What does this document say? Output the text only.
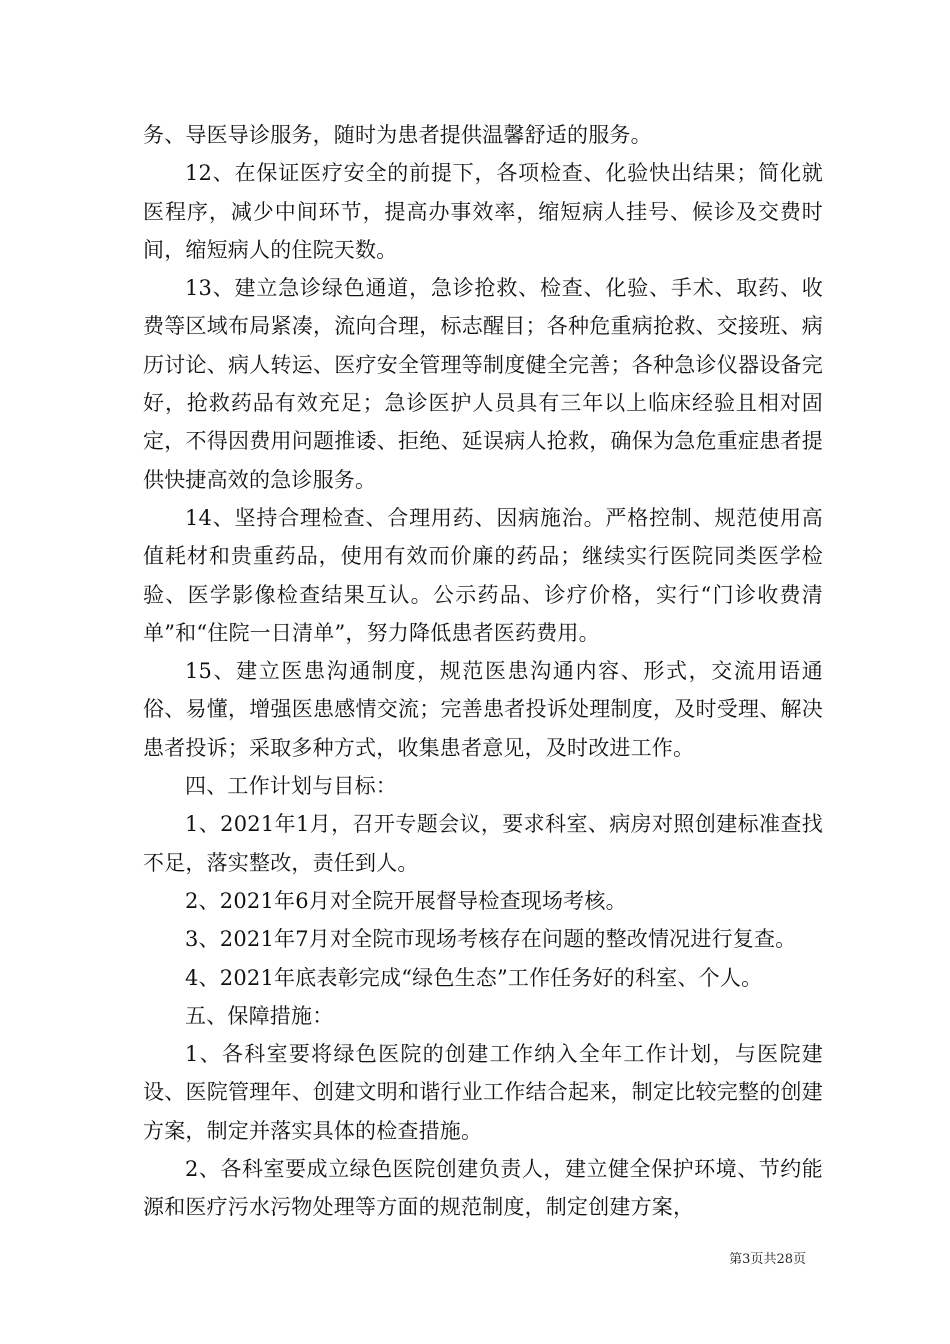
务、导医导诊服务，随时为患者提供温馨舒适的服务。

12、在保证医疗安全的前提下，各项检查、化验快出结果；简化就医程序，减少中间环节，提高办事效率，缩短病人挂号、候诊及交费时间，缩短病人的住院天数。

13、建立急诊绿色通道，急诊抢救、检查、化验、手术、取药、收费等区域布局紧凑，流向合理，标志醒目；各种危重病抢救、交接班、病历讨论、病人转运、医疗安全管理等制度健全完善；各种急诊仪器设备完好，抢救药品有效充足；急诊医护人员具有三年以上临床经验且相对固定，不得因费用问题推诿、拒绝、延误病人抢救，确保为急危重症患者提供快捷高效的急诊服务。

14、坚持合理检查、合理用药、因病施治。严格控制、规范使用高值耗材和贵重药品，使用有效而价廉的药品；继续实行医院同类医学检验、医学影像检查结果互认。公示药品、诊疗价格，实行“门诊收费清单”和“住院一日清单”，努力降低患者医药费用。

15、建立医患沟通制度，规范医患沟通内容、形式，交流用语通俗、易懂，增强医患感情交流；完善患者投诉处理制度，及时受理、解决患者投诉；采取多种方式，收集患者意见，及时改进工作。

四、工作计划与目标：

1、2021年1月，召开专题会议，要求科室、病房对照创建标准查找不足，落实整改，责任到人。

2、2021年6月对全院开展督导检查现场考核。

3、2021年7月对全院市现场考核存在问题的整改情况进行复查。

4、2021年底表彰完成“绿色生态”工作任务好的科室、个人。

五、保障措施：

1、各科室要将绿色医院的创建工作纳入全年工作计划，与医院建设、医院管理年、创建文明和谐行业工作结合起来，制定比较完整的创建方案，制定并落实具体的检查措施。

2、各科室要成立绿色医院创建负责人，建立健全保护环境、节约能源和医疗污水污物处理等方面的规范制度，制定创建方案，

第3页共28页
